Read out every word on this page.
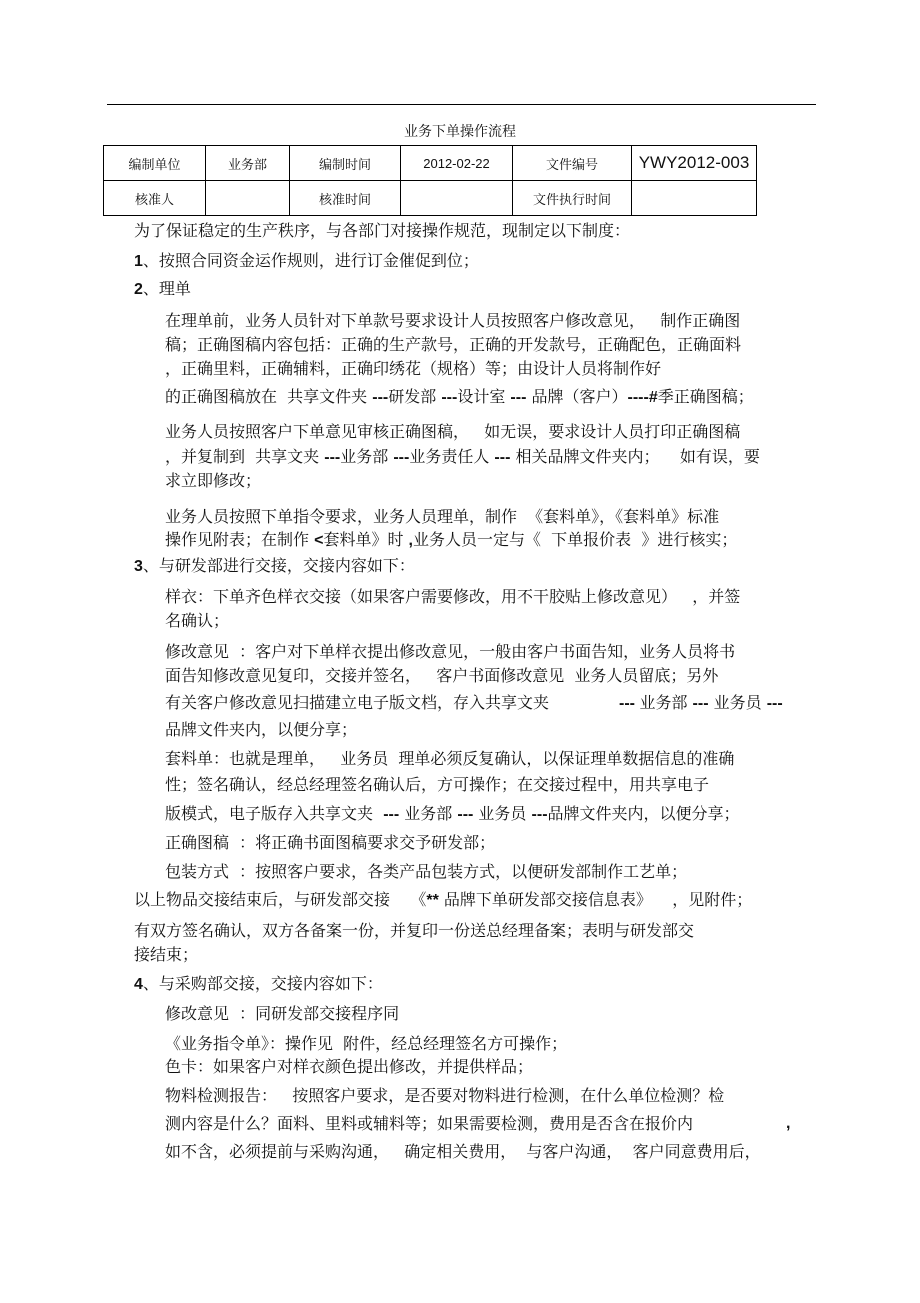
业务下单操作流程
编制单位	业务部	编制时间	2012-02-22	文件编号	YWY2012-003
核准人		核准时间		文件执行时间	
为了保证稳定的生产秩序，与各部门对接操作规范，现制定以下制度：
1、按照合同资金运作规则，进行订金催促到位；
2、理单
在理单前，业务人员针对下单款号要求设计人员按照客户修改意见，   制作正确图
稿；正确图稿内容包括：正确的生产款号，正确的开发款号，正确配色，正确面料
，正确里料，正确辅料，正确印绣花（规格）等；由设计人员将制作好
的正确图稿放在  共享文件夹 ---研发部 ---设计室 --- 品牌（客户）----#季正确图稿；
业务人员按照客户下单意见审核正确图稿，   如无误，要求设计人员打印正确图稿
，并复制到  共享文夹 ---业务部 ---业务责任人 --- 相关品牌文件夹内；    如有误，要
求立即修改；
业务人员按照下单指令要求，业务人员理单，制作  《套料单》，《套料单》标准
操作见附表；在制作 <套料单》时 ,业务人员一定与《  下单报价表  》进行核实；
3、与研发部进行交接，交接内容如下：
样衣：下单齐色样衣交接（如果客户需要修改，用不干胶贴上修改意见）   ，并签
名确认；
修改意见  ：客户对下单样衣提出修改意见，一般由客户书面告知，业务人员将书
面告知修改意见复印，交接并签名，   客户书面修改意见  业务人员留底；另外
有关客户修改意见扫描建立电子版文档，存入共享文夹	--- 业务部 --- 业务员 ---
品牌文件夹内，以便分享；
套料单：也就是理单，   业务员  理单必须反复确认，以保证理单数据信息的准确
性；签名确认，经总经理签名确认后，方可操作；在交接过程中，用共享电子
版模式，电子版存入共享文夹  --- 业务部 --- 业务员 ---品牌文件夹内，以便分享；
正确图稿  ：将正确书面图稿要求交予研发部；
包装方式  ：按照客户要求，各类产品包装方式，以便研发部制作工艺单；
以上物品交接结束后，与研发部交接    《** 品牌下单研发部交接信息表》    ，见附件；
有双方签名确认，双方各备案一份，并复印一份送总经理备案；表明与研发部交
接结束；
4、与采购部交接，交接内容如下：
修改意见  ：同研发部交接程序同
《业务指令单》：操作见  附件，经总经理签名方可操作；
色卡：如果客户对样衣颜色提出修改，并提供样品；
物料检测报告：   按照客户要求，是否要对物料进行检测，在什么单位检测？检
测内容是什么？面料、里料或辅料等；如果需要检测，费用是否含在报价内	,
如不含，必须提前与采购沟通，   确定相关费用，  与客户沟通，  客户同意费用后，
